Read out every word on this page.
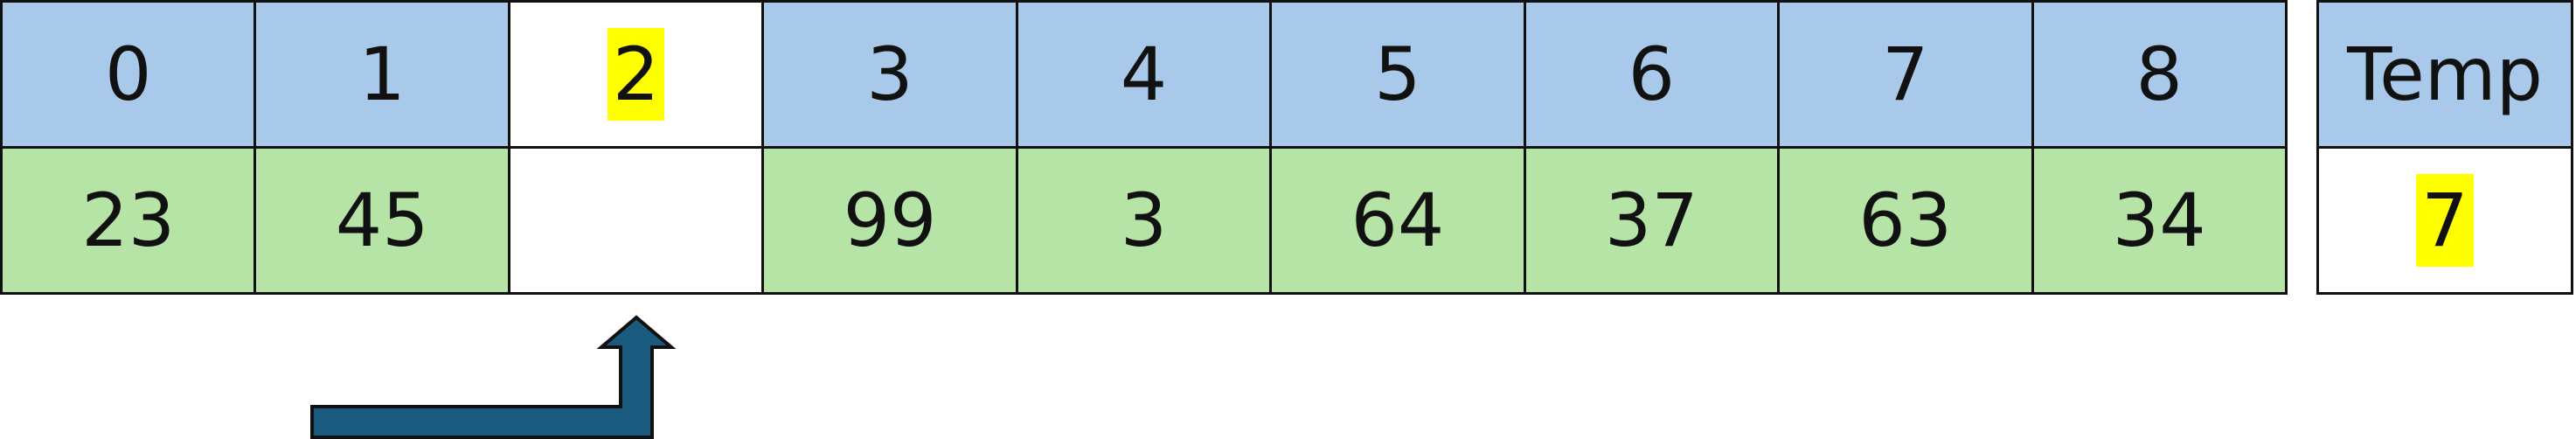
0	1	2	3	4	5	6	7	8
23	45		99	3	64	37	63	34
Temp
7
